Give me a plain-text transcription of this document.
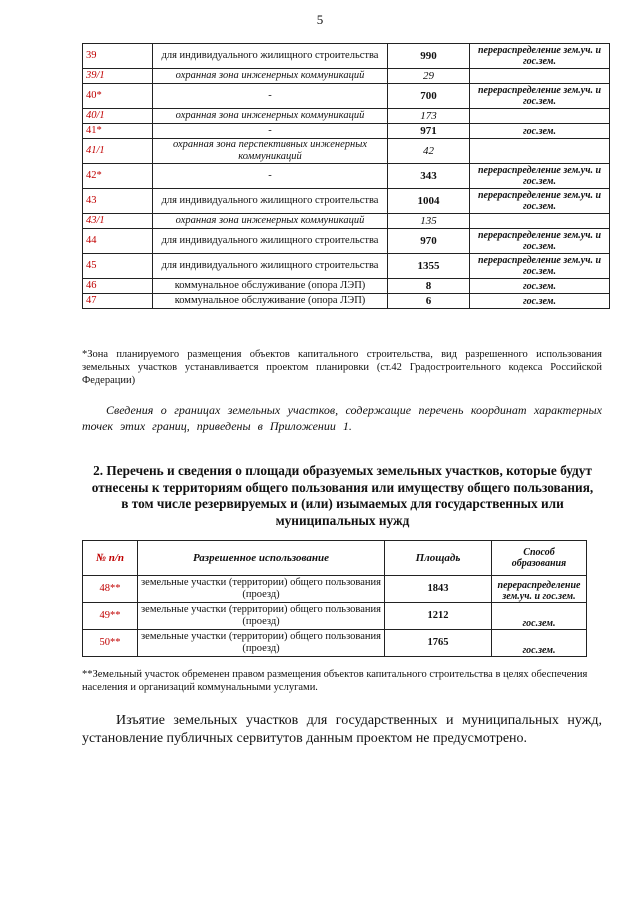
5
39	для индивидуального жилищного строительства	990	перераспределение зем.уч. и гос.зем.
39/1	охранная зона инженерных коммуникаций	29	
40*	-	700	перераспределение зем.уч. и гос.зем.
40/1	охранная зона инженерных коммуникаций	173	
41*	-	971	гос.зем.
41/1	охранная зона перспективных инженерных коммуникаций	42	
42*	-	343	перераспределение зем.уч. и гос.зем.
43	для индивидуального жилищного строительства	1004	перераспределение зем.уч. и гос.зем.
43/1	охранная зона инженерных коммуникаций	135	
44	для индивидуального жилищного строительства	970	перераспределение зем.уч. и гос.зем.
45	для индивидуального жилищного строительства	1355	перераспределение зем.уч. и гос.зем.
46	коммунальное обслуживание (опора ЛЭП)	8	гос.зем.
47	коммунальное обслуживание (опора ЛЭП)	6	гос.зем.
*Зона планируемого размещения объектов капитального строительства, вид разрешенного использования земельных участков устанавливается проектом планировки (ст.42 Градостроительного кодекса Российской Федерации)
Сведения о границах земельных участков, содержащие перечень координат характерных точек этих границ, приведены в Приложении 1.
2. Перечень и сведения о площади образуемых земельных участков, которые будут отнесены к территориям общего пользования или имуществу общего пользования, в том числе резервируемых и (или) изымаемых для государственных или муниципальных нужд
№ п/п	Разрешенное использование	Площадь	Способ образования
48**	земельные участки (территории) общего пользования (проезд)	1843	перераспределение зем.уч. и гос.зем.
49**	земельные участки (территории) общего пользования (проезд)	1212	гос.зем.
50**	земельные участки (территории) общего пользования (проезд)	1765	гос.зем.
**Земельный участок обременен правом размещения объектов капитального строительства в целях обеспечения населения и организаций коммунальными услугами.
Изъятие земельных участков для государственных и муниципальных нужд, установление публичных сервитутов данным проектом не предусмотрено.
